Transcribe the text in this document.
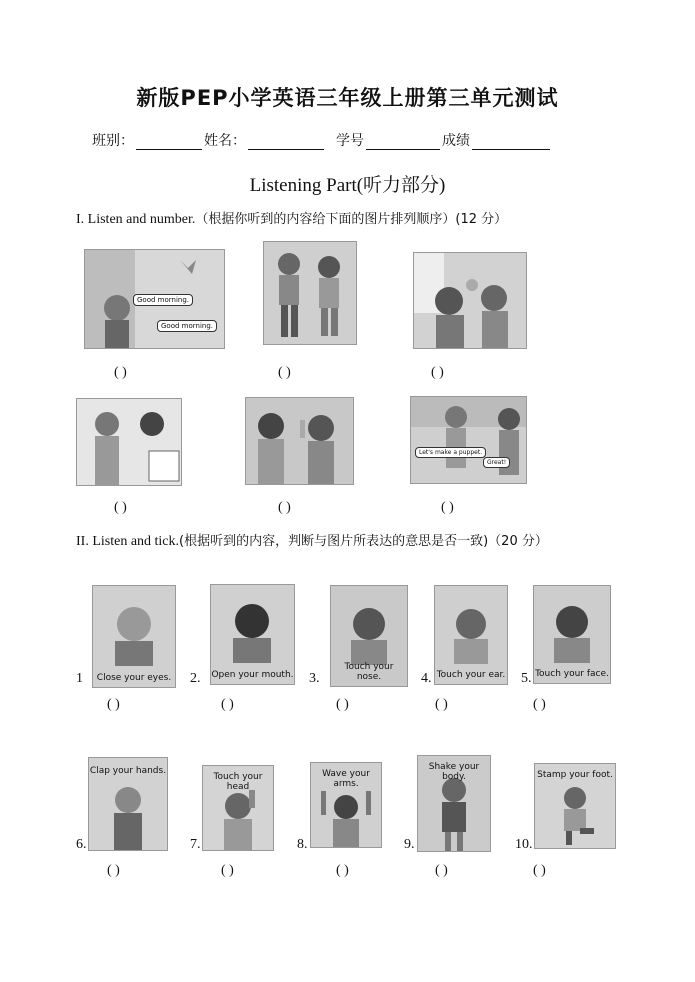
新版PEP小学英语三年级上册第三单元测试
班别：	姓名：	学号	成绩
Listening Part(听力部分)
I. Listen and number.（根据你听到的内容给下面的图片排列顺序）(12 分）
Good morning.
Good morning.
( )	( )	( )
Let's make a puppet.
Great!
( )	( )	( )
II. Listen and tick.(根据听到的内容，判断与图片所表达的意思是否一致)（20 分）
Close your eyes.	Open your mouth.
Touch your nose.	Touch your ear.	Touch your face.
1	2.	3.	4.	5.
( )	( )	( )	( )	( )
Clap your hands.
Touch your head
Wave your arms.
Shake your body.	Stamp your foot.
6.	7.	8.	9.	10.
( )	( )	( )	( )	( )
